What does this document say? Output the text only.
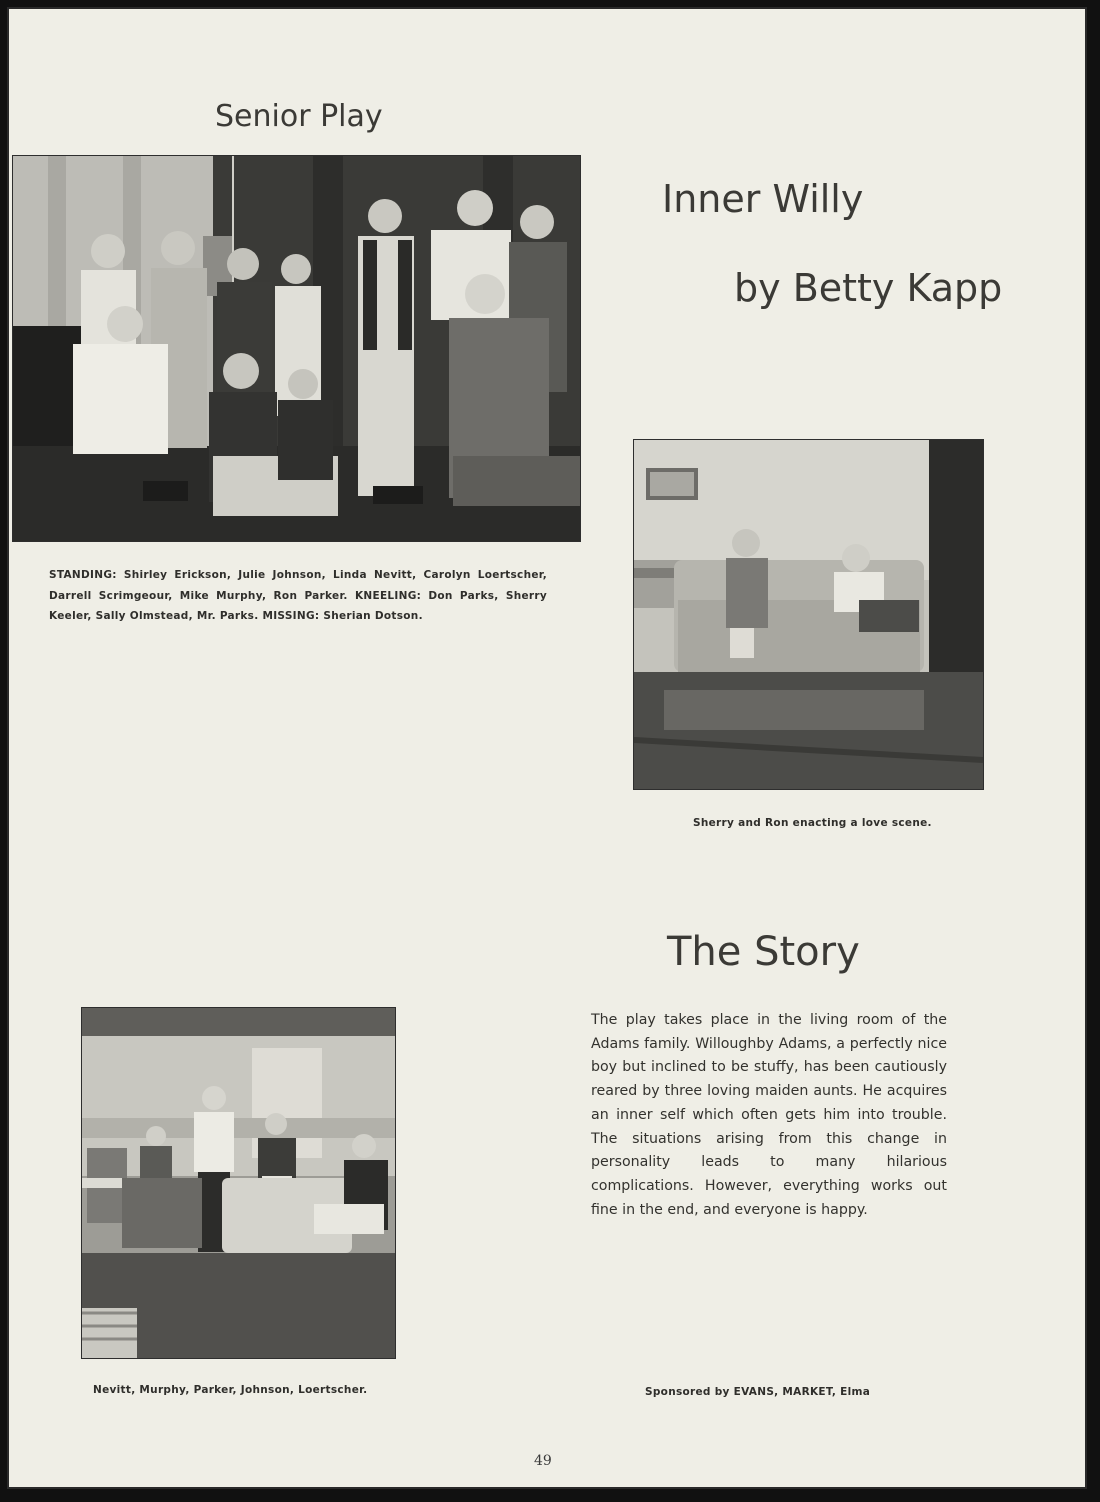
Senior Play
STANDING: Shirley Erickson, Julie Johnson, Linda Nevitt, Carolyn Loertscher, Darrell Scrimgeour, Mike Murphy, Ron Parker. KNEELING: Don Parks, Sherry Keeler, Sally Olmstead, Mr. Parks. MISSING: Sherian Dotson.
Inner Willy
by Betty Kapp
Sherry and Ron enacting a love scene.
The Story

The play takes place in the living room of the Adams family. Willoughby Adams, a perfectly nice boy but inclined to be stuffy, has been cautiously reared by three loving maiden aunts. He acquires an inner self which often gets him into trouble. The situations arising from this change in personality leads to many hilarious complications. However, everything works out fine in the end, and everyone is happy.

Nevitt, Murphy, Parker, Johnson, Loertscher.	Sponsored by EVANS, MARKET, Elma
49
